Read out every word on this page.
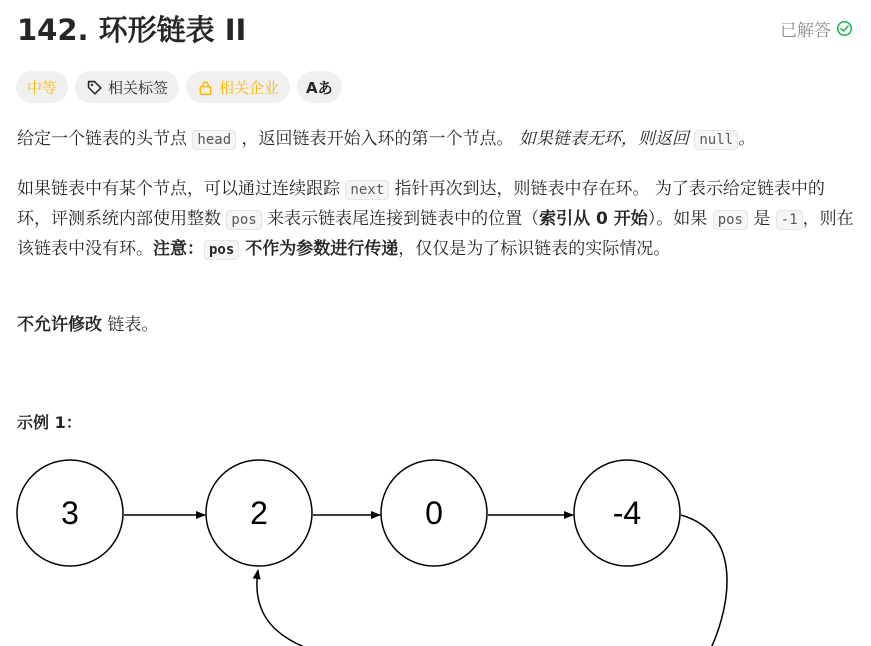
142. 环形链表 II	已解答
中等	相关标签	相关企业 Aあ
给定一个链表的头节点 head ，返回链表开始入环的第一个节点。 如果链表无环，则返回 null 。
如果链表中有某个节点，可以通过连续跟踪 next 指针再次到达，则链表中存在环。 为了表示给定链表中的环，评测系统内部使用整数 pos 来表示链表尾连接到链表中的位置（索引从 0 开始）。如果 pos 是 -1 ，则在该链表中没有环。注意： pos 不作为参数进行传递，仅仅是为了标识链表的实际情况。
不允许修改 链表。
示例 1：
3	2	0	-4
